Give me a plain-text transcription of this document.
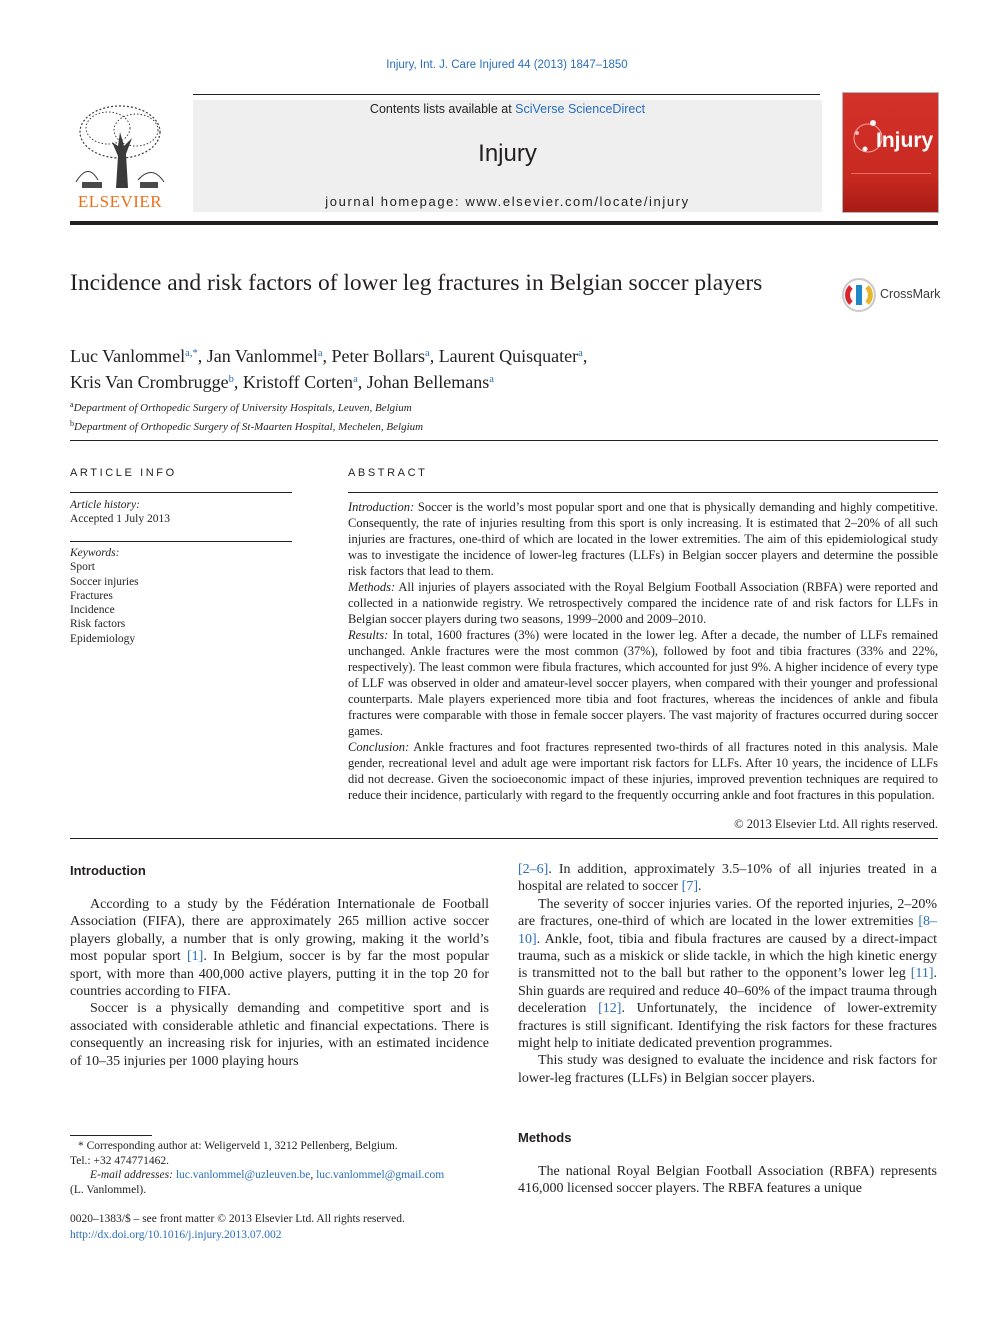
Injury, Int. J. Care Injured 44 (2013) 1847–1850
Contents lists available at SciVerse ScienceDirect
Injury
journal homepage: www.elsevier.com/locate/injury
ELSEVIER
Injury
Incidence and risk factors of lower leg fractures in Belgian soccer players	CrossMark
Luc Vanlommel$^{a,*}$, Jan Vanlommel$^a$, Peter Bollars$^a$, Laurent Quisquater$^a$,
Kris Van Crombrugge$^b$, Kristoff Corten$^a$, Johan Bellemans$^a$
$^a$Department of Orthopedic Surgery of University Hospitals, Leuven, Belgium
$^b$Department of Orthopedic Surgery of St-Maarten Hospital, Mechelen, Belgium
ARTICLE INFO	ABSTRACT
Article history:
Accepted 1 July 2013
Keywords:
Sport
Soccer injuries
Fractures
Incidence
Risk factors
Epidemiology

Introduction: Soccer is the world’s most popular sport and one that is physically demanding and highly competitive. Consequently, the rate of injuries resulting from this sport is only increasing. It is estimated that 2–20% of all such injuries are fractures, one-third of which are located in the lower extremities. The aim of this epidemiological study was to investigate the incidence of lower-leg fractures (LLFs) in Belgian soccer players and determine the possible risk factors that lead to them.

Methods: All injuries of players associated with the Royal Belgium Football Association (RBFA) were reported and collected in a nationwide registry. We retrospectively compared the incidence rate of and risk factors for LLFs in Belgian soccer players during two seasons, 1999–2000 and 2009–2010.

Results: In total, 1600 fractures (3%) were located in the lower leg. After a decade, the number of LLFs remained unchanged. Ankle fractures were the most common (37%), followed by foot and tibia fractures (33% and 22%, respectively). The least common were fibula fractures, which accounted for just 9%. A higher incidence of every type of LLF was observed in older and amateur-level soccer players, when compared with their younger and professional counterparts. Male players experienced more tibia and foot fractures, whereas the incidences of ankle and fibula fractures were comparable with those in female soccer players. The vast majority of fractures occurred during soccer games.

Conclusion: Ankle fractures and foot fractures represented two-thirds of all fractures noted in this analysis. Male gender, recreational level and adult age were important risk factors for LLFs. After 10 years, the incidence of LLFs did not decrease. Given the socioeconomic impact of these injuries, improved prevention techniques are required to reduce their incidence, particularly with regard to the frequently occurring ankle and foot fractures in this population.

© 2013 Elsevier Ltd. All rights reserved.
Introduction

According to a study by the Fédération Internationale de Football Association (FIFA), there are approximately 265 million active soccer players globally, a number that is only growing, making it the world’s most popular sport [1]. In Belgium, soccer is by far the most popular sport, with more than 400,000 active players, putting it in the top 20 for countries according to FIFA.

Soccer is a physically demanding and competitive sport and is associated with considerable athletic and financial expectations. There is consequently an increasing risk for injuries, with an estimated incidence of 10–35 injuries per 1000 playing hours

[2–6]. In addition, approximately 3.5–10% of all injuries treated in a hospital are related to soccer [7].

The severity of soccer injuries varies. Of the reported injuries, 2–20% are fractures, one-third of which are located in the lower extremities [8–10]. Ankle, foot, tibia and fibula fractures are caused by a direct-impact trauma, such as a miskick or slide tackle, in which the high kinetic energy is transmitted not to the ball but rather to the opponent’s lower leg [11]. Shin guards are required and reduce 40–60% of the impact trauma through deceleration [12]. Unfortunately, the incidence of lower-extremity fractures is still significant. Identifying the risk factors for these fractures might help to initiate dedicated prevention programmes.

This study was designed to evaluate the incidence and risk factors for lower-leg fractures (LLFs) in Belgian soccer players.

Methods

The national Royal Belgian Football Association (RBFA) represents 416,000 licensed soccer players. The RBFA features a unique

* Corresponding author at: Weligerveld 1, 3212 Pellenberg, Belgium.
Tel.: +32 474771462.
E-mail addresses: luc.vanlommel@uzleuven.be, luc.vanlommel@gmail.com
(L. Vanlommel).
0020–1383/$ – see front matter © 2013 Elsevier Ltd. All rights reserved.
http://dx.doi.org/10.1016/j.injury.2013.07.002
